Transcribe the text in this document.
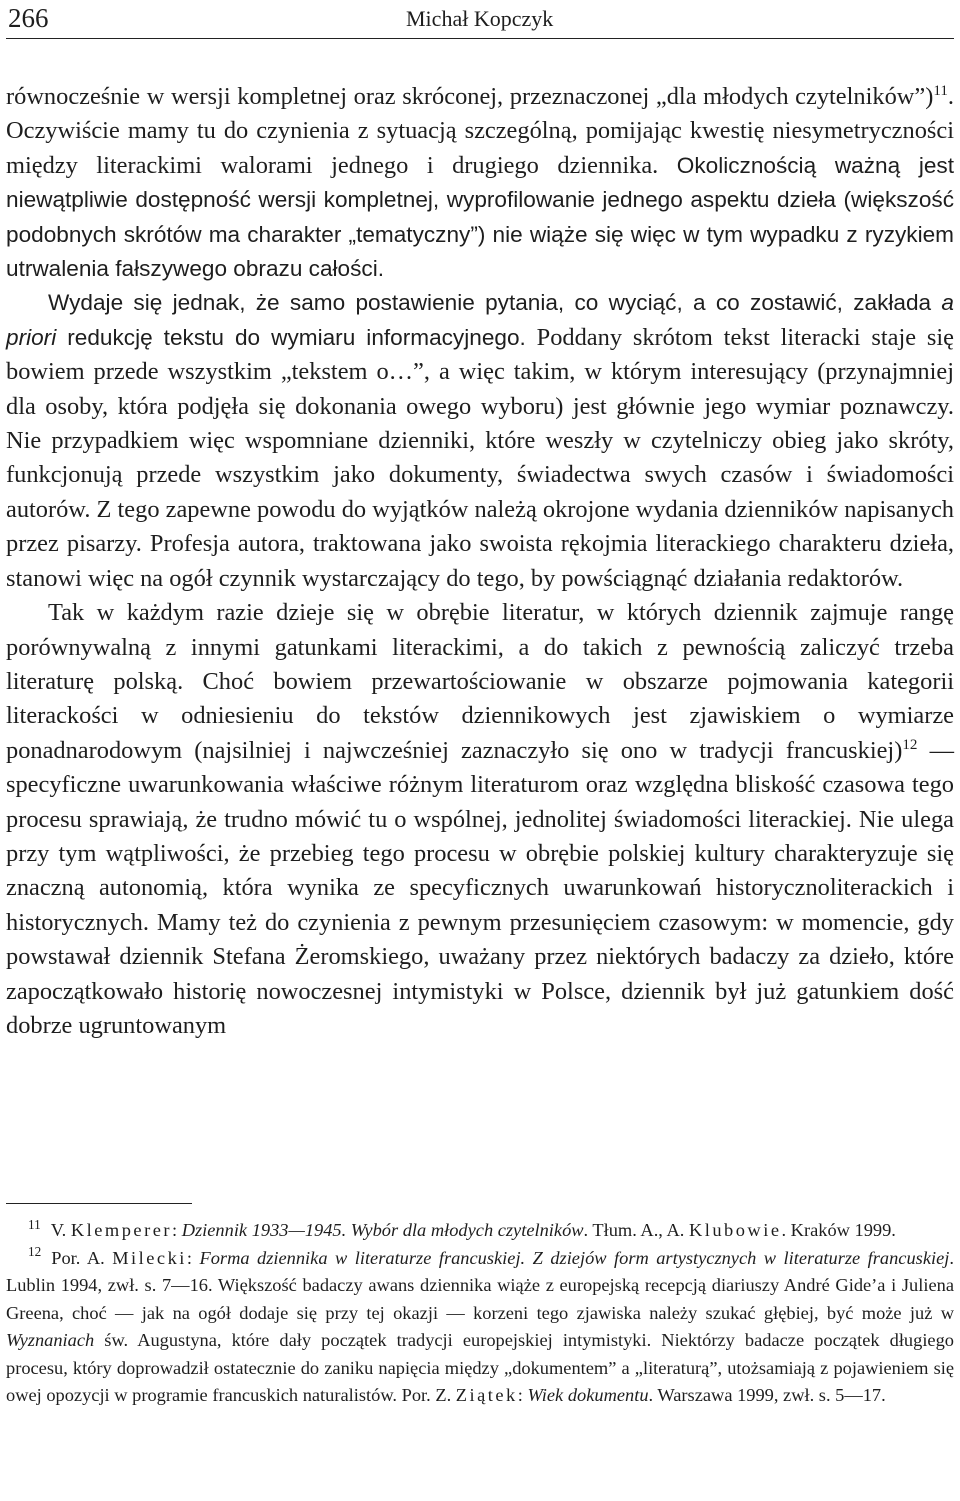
266	Michał Kopczyk

równocześnie w wersji kompletnej oraz skróconej, przeznaczonej „dla młodych czytelników”)$^{11}$. Oczywiście mamy tu do czynienia z sytuacją szczególną, pomijając kwestię niesymetryczności między literackimi walorami jednego i drugiego dziennika. Okolicznością ważną jest niewątpliwie dostępność wersji kompletnej, wyprofilowanie jednego aspektu dzieła (większość podobnych skrótów ma charakter „tematyczny”) nie wiąże się więc w tym wypadku z ryzykiem utrwalenia fałszywego obrazu całości.

Wydaje się jednak, że samo postawienie pytania, co wyciąć, a co zostawić, zakłada a priori redukcję tekstu do wymiaru informacyjnego. Poddany skrótom tekst literacki staje się bowiem przede wszystkim „tekstem o…”, a więc takim, w którym interesujący (przynajmniej dla osoby, która podjęła się dokonania owego wyboru) jest głównie jego wymiar poznawczy. Nie przypadkiem więc wspomniane dzienniki, które weszły w czytelniczy obieg jako skróty, funkcjonują przede wszystkim jako dokumenty, świadectwa swych czasów i świadomości autorów. Z tego zapewne powodu do wyjątków należą okrojone wydania dzienników napisanych przez pisarzy. Profesja autora, traktowana jako swoista rękojmia literackiego charakteru dzieła, stanowi więc na ogół czynnik wystarczający do tego, by powściągnąć działania redaktorów.

Tak w każdym razie dzieje się w obrębie literatur, w których dziennik zajmuje rangę porównywalną z innymi gatunkami literackimi, a do takich z pewnością zaliczyć trzeba literaturę polską. Choć bowiem przewartościowanie w obszarze pojmowania kategorii literackości w odniesieniu do tekstów dziennikowych jest zjawiskiem o wymiarze ponadnarodowym (najsilniej i najwcześniej zaznaczyło się ono w tradycji francuskiej)$^{12}$ — specyficzne uwarunkowania właściwe różnym literaturom oraz względna bliskość czasowa tego procesu sprawiają, że trudno mówić tu o wspólnej, jednolitej świadomości literackiej. Nie ulega przy tym wątpliwości, że przebieg tego procesu w obrębie polskiej kultury charakteryzuje się znaczną autonomią, która wynika ze specyficznych uwarunkowań historycznoliterackich i historycznych. Mamy też do czynienia z pewnym przesunięciem czasowym: w momencie, gdy powstawał dziennik Stefana Żeromskiego, uważany przez niektórych badaczy za dzieło, które zapoczątkowało historię nowoczesnej intymistyki w Polsce, dziennik był już gatunkiem dość dobrze ugruntowanym

$^{11}$ V. Klemperer: Dziennik 1933—1945. Wybór dla młodych czytelników. Tłum. A., A. Klubowie. Kraków 1999.

$^{12}$ Por. A. Milecki: Forma dziennika w literaturze francuskiej. Z dziejów form artystycznych w literaturze francuskiej. Lublin 1994, zwł. s. 7—16. Większość badaczy awans dziennika wiąże z europejską recepcją diariuszy André Gide’a i Juliena Greena, choć — jak na ogół dodaje się przy tej okazji — korzeni tego zjawiska należy szukać głębiej, być może już w Wyznaniach św. Augustyna, które dały początek tradycji europejskiej intymistyki. Niektórzy badacze początek długiego procesu, który doprowadził ostatecznie do zaniku napięcia między „dokumentem” a „literaturą”, utożsamiają z pojawieniem się owej opozycji w programie francuskich naturalistów. Por. Z. Ziątek: Wiek dokumentu. Warszawa 1999, zwł. s. 5—17.
